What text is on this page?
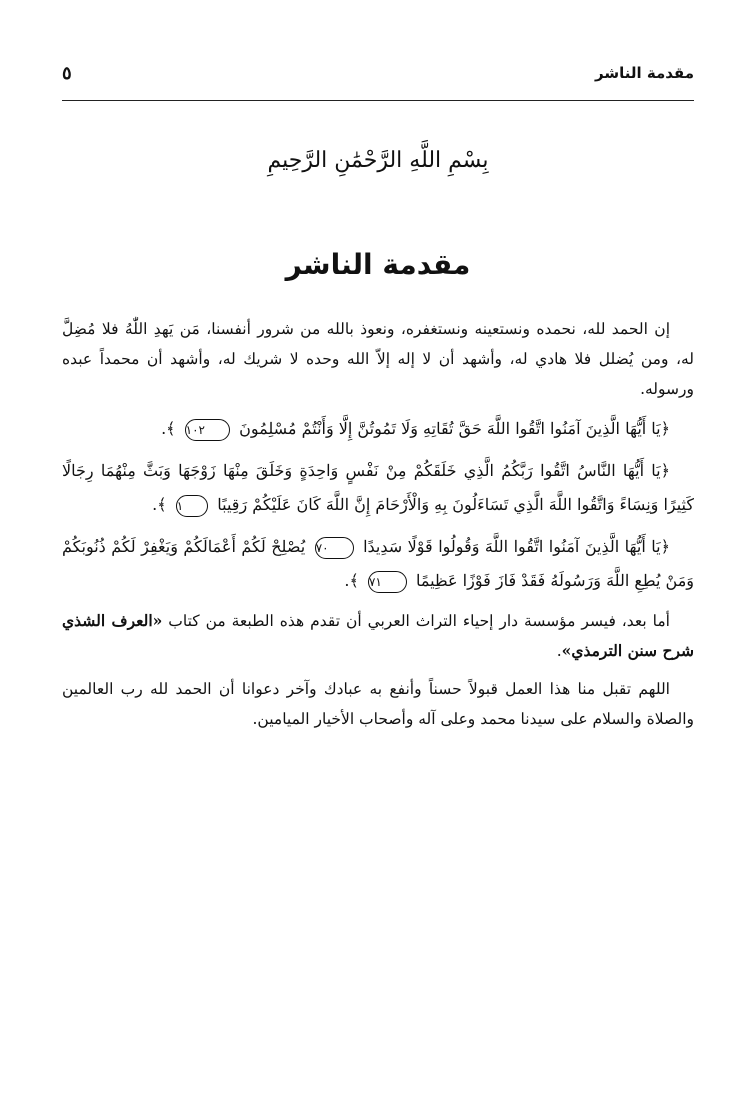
٥	مقدمة الناشر
بِسْمِ اللَّهِ الرَّحْمَٰنِ الرَّحِيمِ
مقدمة الناشر

إن الحمد لله، نحمده ونستعينه ونستغفره، ونعوذ بالله من شرور أنفسنا، مَن يَهدِ اللّٰهُ فلا مُضِلَّ له، ومن يُضلل فلا هادي له، وأشهد أن لا إله إلاّ الله وحده لا شريك له، وأشهد أن محمداً عبده ورسوله.

﴿يَا أَيُّهَا الَّذِينَ آمَنُوا اتَّقُوا اللَّهَ حَقَّ تُقَاتِهِ وَلَا تَمُوتُنَّ إِلَّا وَأَنْتُمْ مُسْلِمُونَ ١٠٢ ﴾.

﴿يَا أَيُّهَا النَّاسُ اتَّقُوا رَبَّكُمُ الَّذِي خَلَقَكُمْ مِنْ نَفْسٍ وَاحِدَةٍ وَخَلَقَ مِنْهَا زَوْجَهَا وَبَثَّ مِنْهُمَا رِجَالًا كَثِيرًا وَنِسَاءً وَاتَّقُوا اللَّهَ الَّذِي تَسَاءَلُونَ بِهِ وَالْأَرْحَامَ إِنَّ اللَّهَ كَانَ عَلَيْكُمْ رَقِيبًا ١ ﴾.

﴿يَا أَيُّهَا الَّذِينَ آمَنُوا اتَّقُوا اللَّهَ وَقُولُوا قَوْلًا سَدِيدًا ٧٠ يُصْلِحْ لَكُمْ أَعْمَالَكُمْ وَيَغْفِرْ لَكُمْ ذُنُوبَكُمْ وَمَنْ يُطِعِ اللَّهَ وَرَسُولَهُ فَقَدْ فَازَ فَوْزًا عَظِيمًا ٧١ ﴾.

أما بعد، فيسر مؤسسة دار إحياء التراث العربي أن تقدم هذه الطبعة من كتاب «العرف الشذي شرح سنن الترمذي».

اللهم تقبل منا هذا العمل قبولاً حسناً وأنفع به عبادك وآخر دعوانا أن الحمد لله رب العالمين والصلاة والسلام على سيدنا محمد وعلى آله وأصحاب الأخيار الميامين.
